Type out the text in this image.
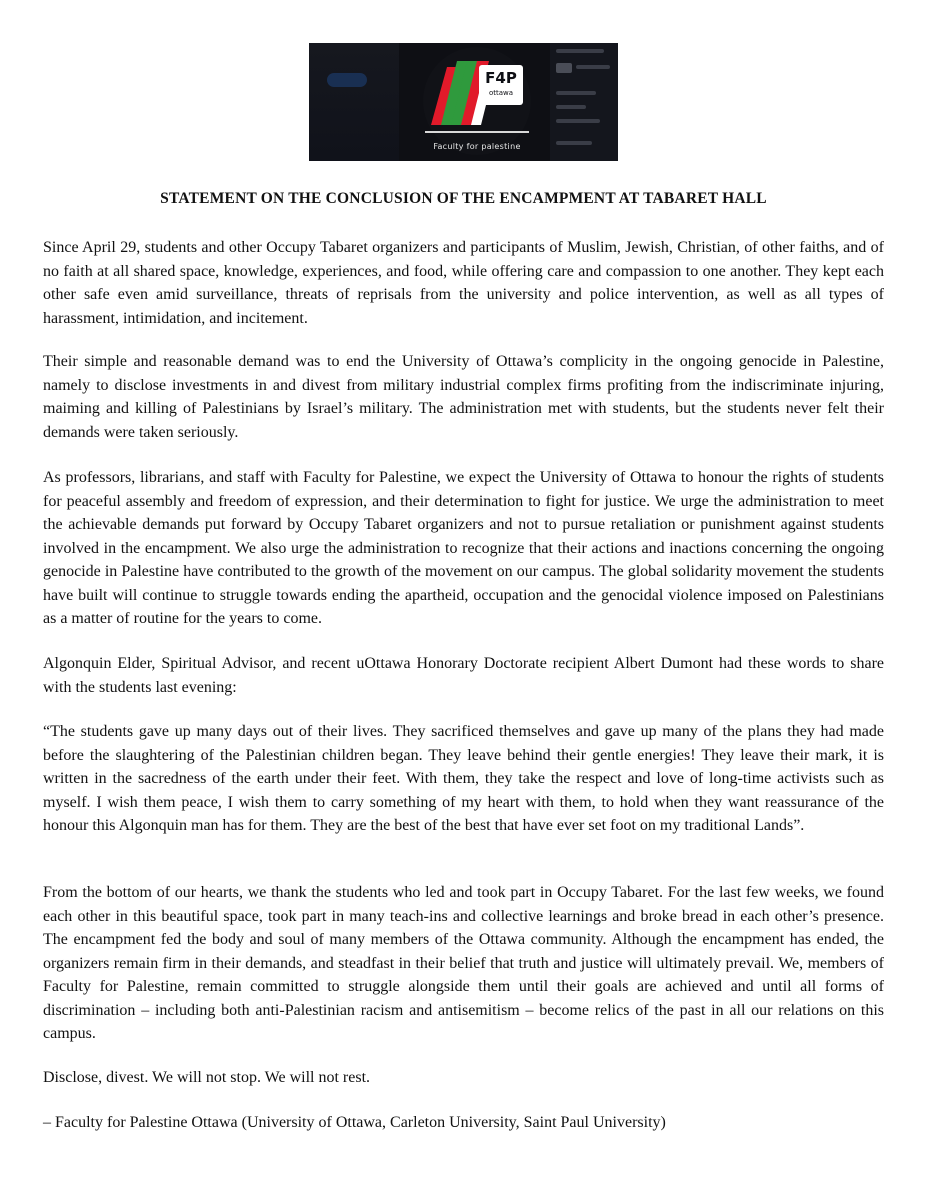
F4P
ottawa
Faculty for palestine
STATEMENT ON THE CONCLUSION OF THE ENCAMPMENT AT TABARET HALL

Since April 29, students and other Occupy Tabaret organizers and participants of Muslim, Jewish, Christian, of other faiths, and of no faith at all shared space, knowledge, experiences, and food, while offering care and compassion to one another. They kept each other safe even amid surveillance, threats of reprisals from the university and police intervention, as well as all types of harassment, intimidation, and incitement.

Their simple and reasonable demand was to end the University of Ottawa’s complicity in the ongoing genocide in Palestine, namely to disclose investments in and divest from military industrial complex firms profiting from the indiscriminate injuring, maiming and killing of Palestinians by Israel’s military. The administration met with students, but the students never felt their demands were taken seriously.

As professors, librarians, and staff with Faculty for Palestine, we expect the University of Ottawa to honour the rights of students for peaceful assembly and freedom of expression, and their determination to fight for justice. We urge the administration to meet the achievable demands put forward by Occupy Tabaret organizers and not to pursue retaliation or punishment against students involved in the encampment. We also urge the administration to recognize that their actions and inactions concerning the ongoing genocide in Palestine have contributed to the growth of the movement on our campus. The global solidarity movement the students have built will continue to struggle towards ending the apartheid, occupation and the genocidal violence imposed on Palestinians as a matter of routine for the years to come.

Algonquin Elder, Spiritual Advisor, and recent uOttawa Honorary Doctorate recipient Albert Dumont had these words to share with the students last evening:

“The students gave up many days out of their lives. They sacrificed themselves and gave up many of the plans they had made before the slaughtering of the Palestinian children began. They leave behind their gentle energies! They leave their mark, it is written in the sacredness of the earth under their feet. With them, they take the respect and love of long-time activists such as myself. I wish them peace, I wish them to carry something of my heart with them, to hold when they want reassurance of the honour this Algonquin man has for them. They are the best of the best that have ever set foot on my traditional Lands”.

From the bottom of our hearts, we thank the students who led and took part in Occupy Tabaret. For the last few weeks, we found each other in this beautiful space, took part in many teach-ins and collective learnings and broke bread in each other’s presence. The encampment fed the body and soul of many members of the Ottawa community. Although the encampment has ended, the organizers remain firm in their demands, and steadfast in their belief that truth and justice will ultimately prevail. We, members of Faculty for Palestine, remain committed to struggle alongside them until their goals are achieved and until all forms of discrimination – including both anti-Palestinian racism and antisemitism – become relics of the past in all our relations on this campus.

Disclose, divest. We will not stop. We will not rest.

– Faculty for Palestine Ottawa (University of Ottawa, Carleton University, Saint Paul University)
